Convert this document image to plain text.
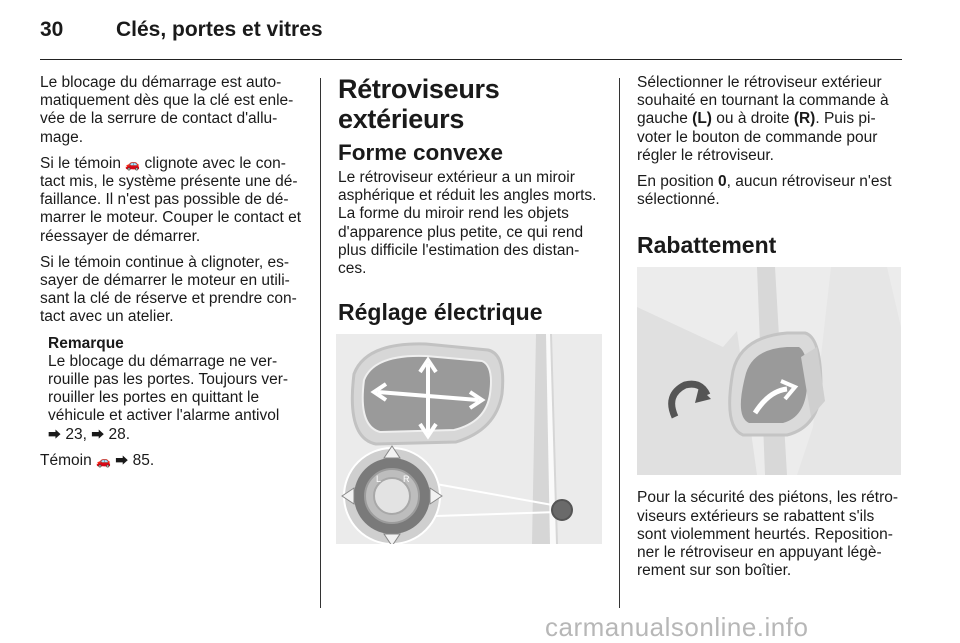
30	Clés, portes et vitres

Le blocage du démarrage est auto-matiquement dès que la clé est enle-vée de la serrure de contact d'allu-mage.

Si le témoin 🚗 clignote avec le con-tact mis, le système présente une dé-faillance. Il n'est pas possible de dé-marrer le moteur. Couper le contact et réessayer de démarrer.

Si le témoin continue à clignoter, es-sayer de démarrer le moteur en utili-sant la clé de réserve et prendre con-tact avec un atelier.

Remarque
Le blocage du démarrage ne ver-rouille pas les portes. Toujours ver-rouiller les portes en quittant le véhicule et activer l'alarme antivol
⮕ 23, ⮕ 28.

Témoin 🚗 ⮕ 85.

Rétroviseurs extérieurs
Forme convexe

Le rétroviseur extérieur a un miroir asphérique et réduit les angles morts. La forme du miroir rend les objets d'apparence plus petite, ce qui rend plus difficile l'estimation des distan-ces.

Réglage électrique
L R

Sélectionner le rétroviseur extérieur souhaité en tournant la commande à gauche (L) ou à droite (R). Puis pi-voter le bouton de commande pour régler le rétroviseur.

En position 0, aucun rétroviseur n'est sélectionné.

Rabattement

Pour la sécurité des piétons, les rétro-viseurs extérieurs se rabattent s'ils sont violemment heurtés. Reposition-ner le rétroviseur en appuyant légè-rement sur son boîtier.

carmanualsonline.info
